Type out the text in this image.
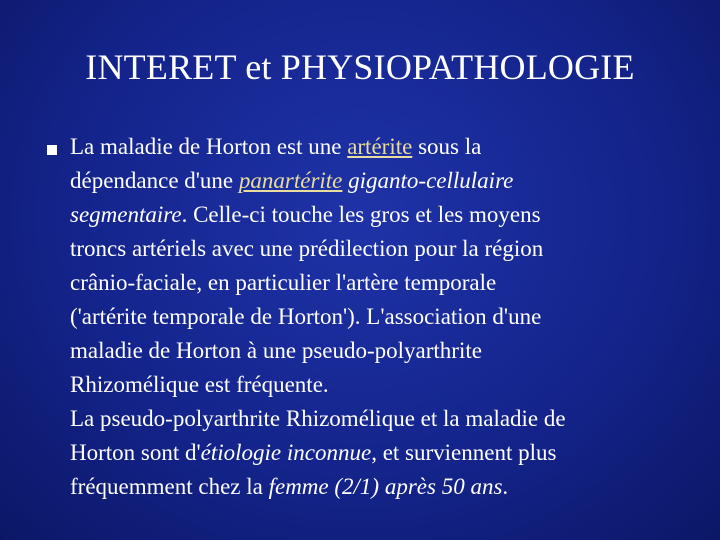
INTERET et PHYSIOPATHOLOGIE
La maladie de Horton est une artérite sous la
dépendance d'une panartérite giganto-cellulaire
segmentaire. Celle-ci touche les gros et les moyens
troncs artériels avec une prédilection pour la région
crânio-faciale, en particulier l'artère temporale
('artérite temporale de Horton'). L'association d'une
maladie de Horton à une pseudo-polyarthrite
Rhizomélique est fréquente.
La pseudo-polyarthrite Rhizomélique et la maladie de
Horton sont d'étiologie inconnue, et surviennent plus
fréquemment chez la femme (2/1) après 50 ans.
